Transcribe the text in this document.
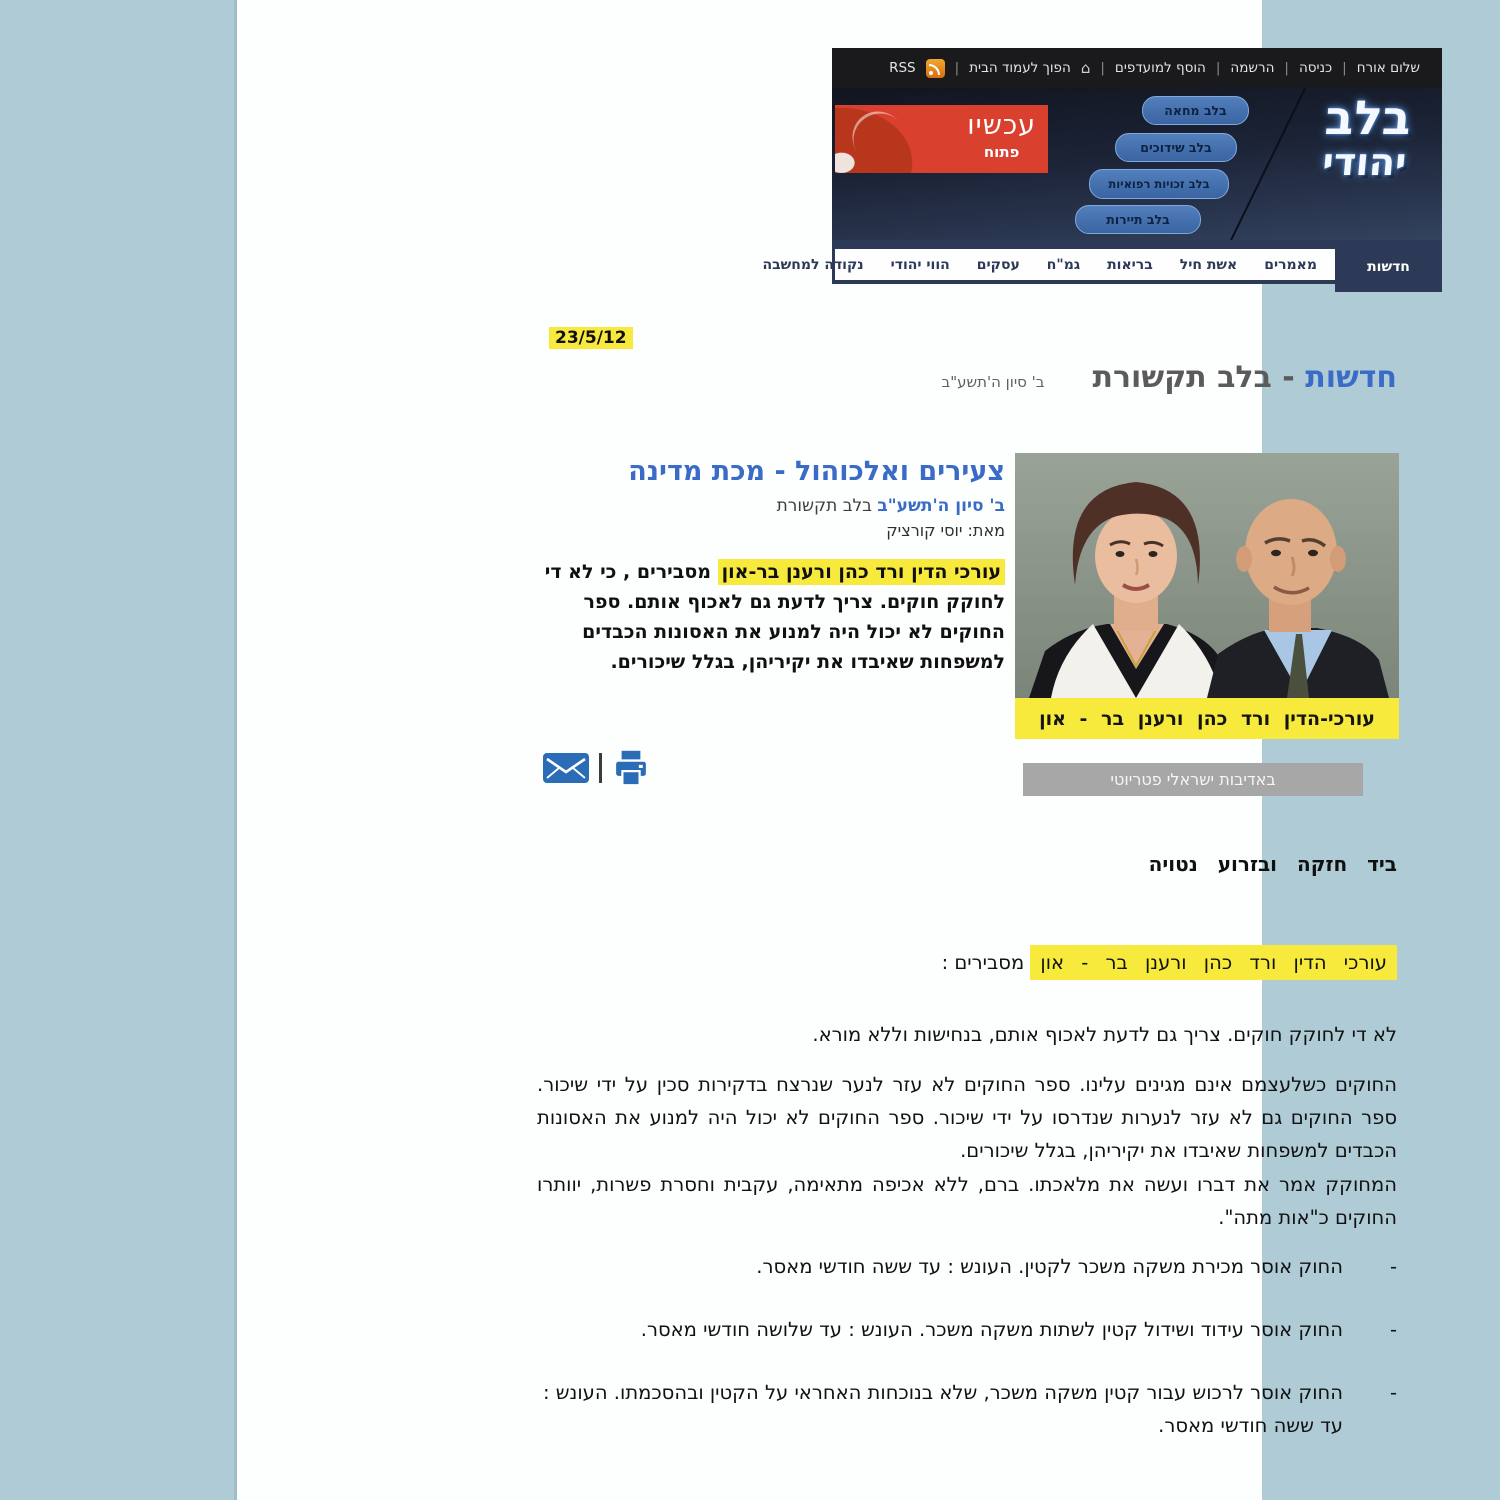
שלום אורח
|
כניסה
|
הרשמה
|
הוסף למועדפים
|
⌂
הפוך לעמוד הבית
|
RSS
עכשיו
פתוח
בלב מחאה
בלב שידוכים
בלב זכויות רפואיות
בלב תיירות
בלב
יהודי
מאמרים
אשת חיל
בריאות
גמ"ח
עסקים
הווי יהודי
נקודה למחשבה	חדשות
23/5/12
חדשות - בלב תקשורת
ב' סיון ה'תשע"ב
עורכי-הדין ורד כהן ורענן בר - און
באדיבות ישראלי פטריוטי
צעירים ואלכוהול - מכת מדינה
ב' סיון ה'תשע"ב בלב תקשורת
מאת: יוסי קורציק

עורכי הדין ורד כהן ורענן בר-און מסבירים , כי לא די לחוקק חוקים. צריך לדעת גם לאכוף אותם. ספר החוקים לא יכול היה למנוע את האסונות הכבדים למשפחות שאיבדו את יקיריהן, בגלל שיכורים.

ביד חזקה ובזרוע נטויה

עורכי הדין ורד כהן ורענן בר - און מסבירים :

לא די לחוקק חוקים. צריך גם לדעת לאכוף אותם, בנחישות וללא מורא.

החוקים כשלעצמם אינם מגינים עלינו. ספר החוקים לא עזר לנער שנרצח בדקירות סכין על ידי שיכור. ספר החוקים גם לא עזר לנערות שנדרסו על ידי שיכור. ספר החוקים לא יכול היה למנוע את האסונות הכבדים למשפחות שאיבדו את יקיריהן, בגלל שיכורים.

המחוקק אמר את דברו ועשה את מלאכתו. ברם, ללא אכיפה מתאימה, עקבית וחסרת פשרות, יוותרו החוקים כ"אות מתה".

-

החוק אוסר מכירת משקה משכר לקטין. העונש : עד ששה חודשי מאסר.

-

החוק אוסר עידוד ושידול קטין לשתות משקה משכר. העונש : עד שלושה חודשי מאסר.

-

החוק אוסר לרכוש עבור קטין משקה משכר, שלא בנוכחות האחראי על הקטין ובהסכמתו. העונש : עד ששה חודשי מאסר.
